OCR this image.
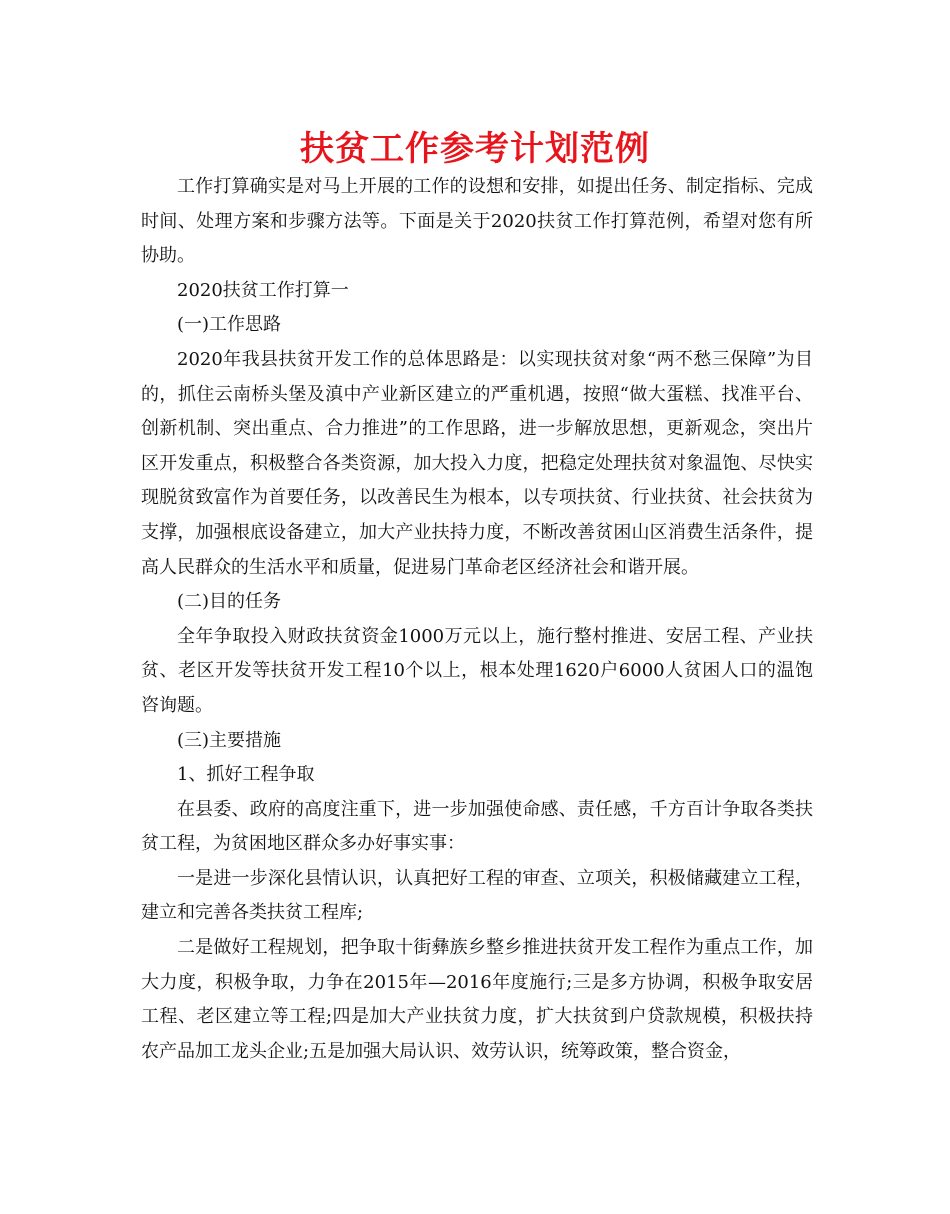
扶贫工作参考计划范例

工作打算确实是对马上开展的工作的设想和安排，如提出任务、制定指标、完成时间、处理方案和步骤方法等。下面是关于2020扶贫工作打算范例，希望对您有所协助。

2020扶贫工作打算一

(一)工作思路

2020年我县扶贫开发工作的总体思路是：以实现扶贫对象“两不愁三保障”为目的，抓住云南桥头堡及滇中产业新区建立的严重机遇，按照“做大蛋糕、找准平台、创新机制、突出重点、合力推进”的工作思路，进一步解放思想，更新观念，突出片区开发重点，积极整合各类资源，加大投入力度，把稳定处理扶贫对象温饱、尽快实现脱贫致富作为首要任务，以改善民生为根本，以专项扶贫、行业扶贫、社会扶贫为支撑，加强根底设备建立，加大产业扶持力度，不断改善贫困山区消费生活条件，提高人民群众的生活水平和质量，促进易门革命老区经济社会和谐开展。

(二)目的任务

全年争取投入财政扶贫资金1000万元以上，施行整村推进、安居工程、产业扶贫、老区开发等扶贫开发工程10个以上，根本处理1620户6000人贫困人口的温饱咨询题。

(三)主要措施

1、抓好工程争取

在县委、政府的高度注重下，进一步加强使命感、责任感，千方百计争取各类扶贫工程，为贫困地区群众多办好事实事：

一是进一步深化县情认识，认真把好工程的审查、立项关，积极储藏建立工程，建立和完善各类扶贫工程库;

二是做好工程规划，把争取十街彝族乡整乡推进扶贫开发工程作为重点工作，加大力度，积极争取，力争在2015年—2016年度施行;三是多方协调，积极争取安居工程、老区建立等工程;四是加大产业扶贫力度，扩大扶贫到户贷款规模，积极扶持农产品加工龙头企业;五是加强大局认识、效劳认识，统筹政策，整合资金，
